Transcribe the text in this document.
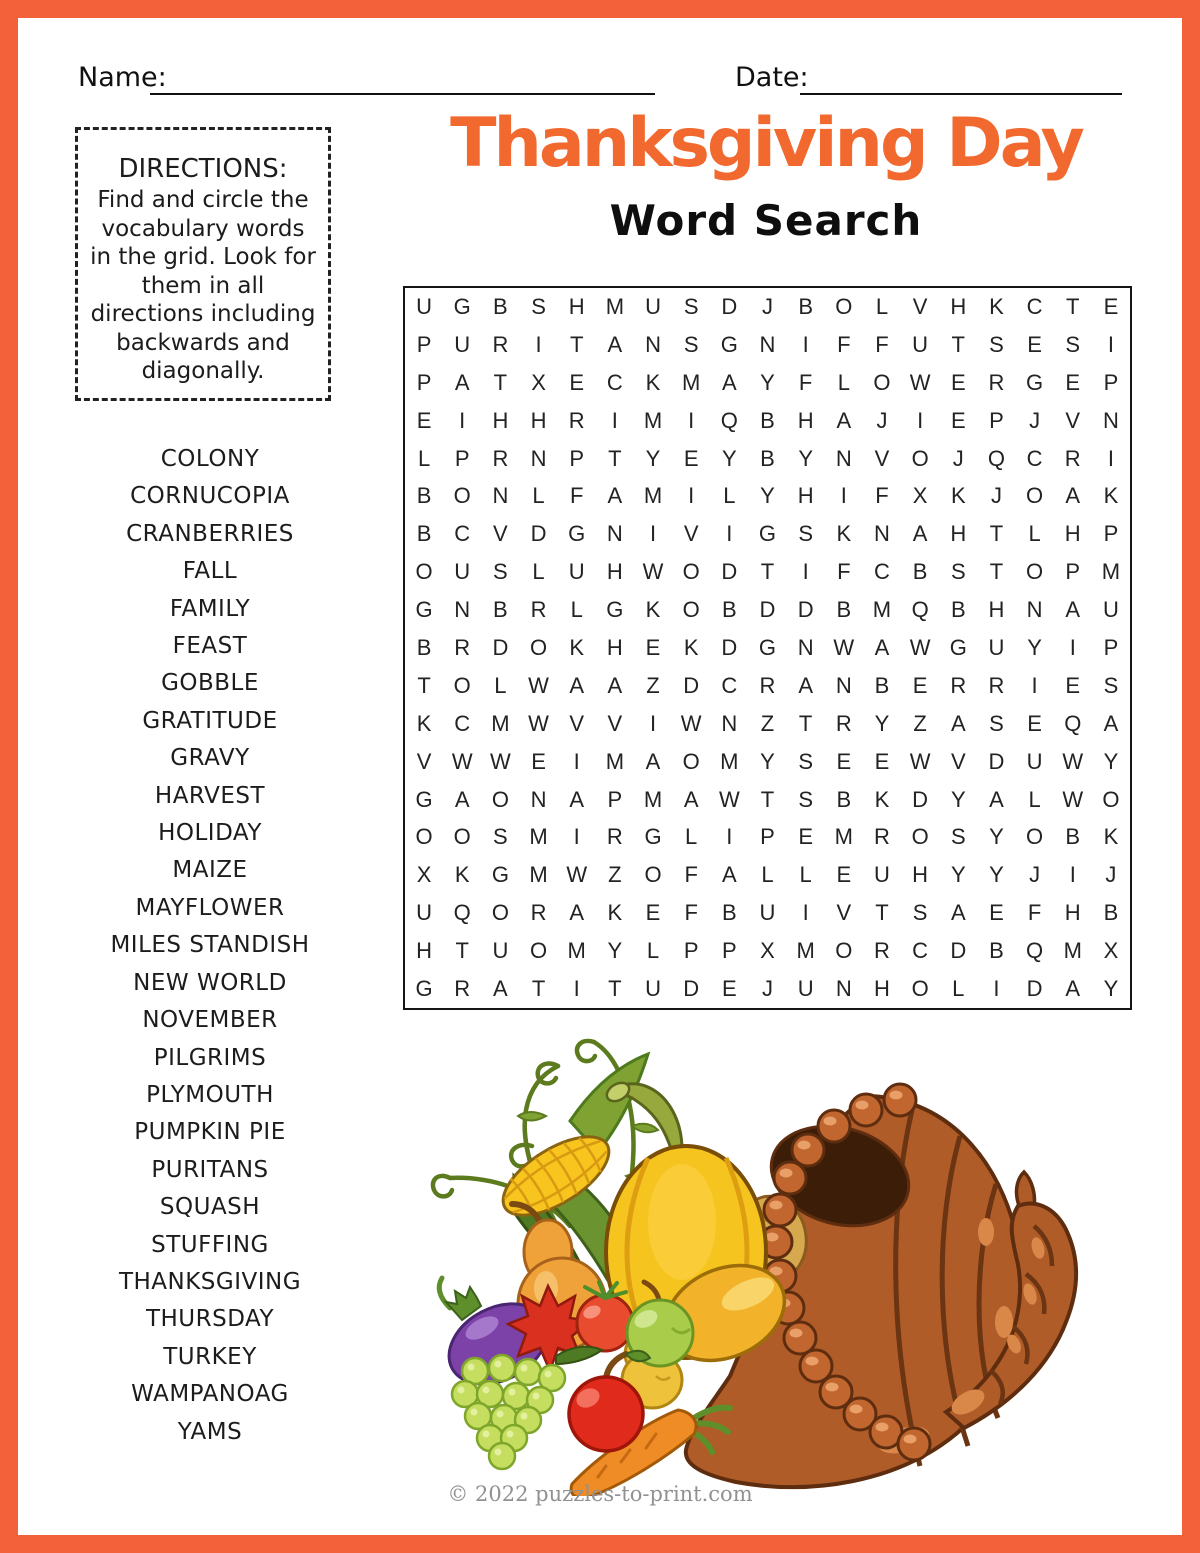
Name:	Date:
Thanksgiving Day
Word Search
DIRECTIONS:
Find and circle the vocabulary words in the grid. Look for them in all directions including backwards and diagonally.
COLONY
CORNUCOPIA
CRANBERRIES
FALL
FAMILY
FEAST
GOBBLE
GRATITUDE
GRAVY
HARVEST
HOLIDAY
MAIZE
MAYFLOWER
MILES STANDISH
NEW WORLD
NOVEMBER
PILGRIMS
PLYMOUTH
PUMPKIN PIE
PURITANS
SQUASH
STUFFING
THANKSGIVING
THURSDAY
TURKEY
WAMPANOAG
YAMS
U G	B	S	H M U	S	D	J	B	O	L	V	H	K	C	T	E
P	U	R	I	T	A	N	S	G N	I	F	F	U	T	S	E	S	I
P	A	T	X	E	C	K M A	Y	F	L	O W E	R G	E	P
E	I	H	H	R	I	M	I	Q	B	H	A	J	I	E	P	J	V	N
L	P	R	N	P	T	Y	E	Y	B	Y	N	V	O	J	Q C	R	I
B	O N	L	F	A M	I	L	Y	H	I	F	X	K	J	O	A	K
B	C	V	D G N	I	V	I	G	S	K	N	A	H	T	L	H	P
O U	S	L	U	H W O D	T	I	F	C	B	S	T	O	P M
G N	B	R	L	G	K	O	B	D	D	B M Q	B	H	N	A	U
B	R	D O	K	H	E	K	D G N W A W G U	Y	I	P
T	O	L W A	A	Z	D	C	R	A	N	B	E	R	R	I	E	S
K	C M W V	V	I	W N	Z	T	R	Y	Z	A	S	E	Q	A
V W W E	I	M A	O M Y	S	E	E W V	D	U W Y
G	A	O N	A	P M A W T	S	B	K	D	Y	A	L W O
O O	S M	I	R G	L	I	P	E M R O	S	Y	O	B	K
X	K	G M W Z	O	F	A	L	L	E	U	H	Y	Y	J	I	J
U Q O R	A	K	E	F	B	U	I	V	T	S	A	E	F	H	B
H	T	U O M Y	L	P	P	X M O R	C	D	B	Q M X
G R	A	T	I	T	U	D	E	J	U	N	H O	L	I	D	A	Y
© 2022 puzzles-to-print.com
